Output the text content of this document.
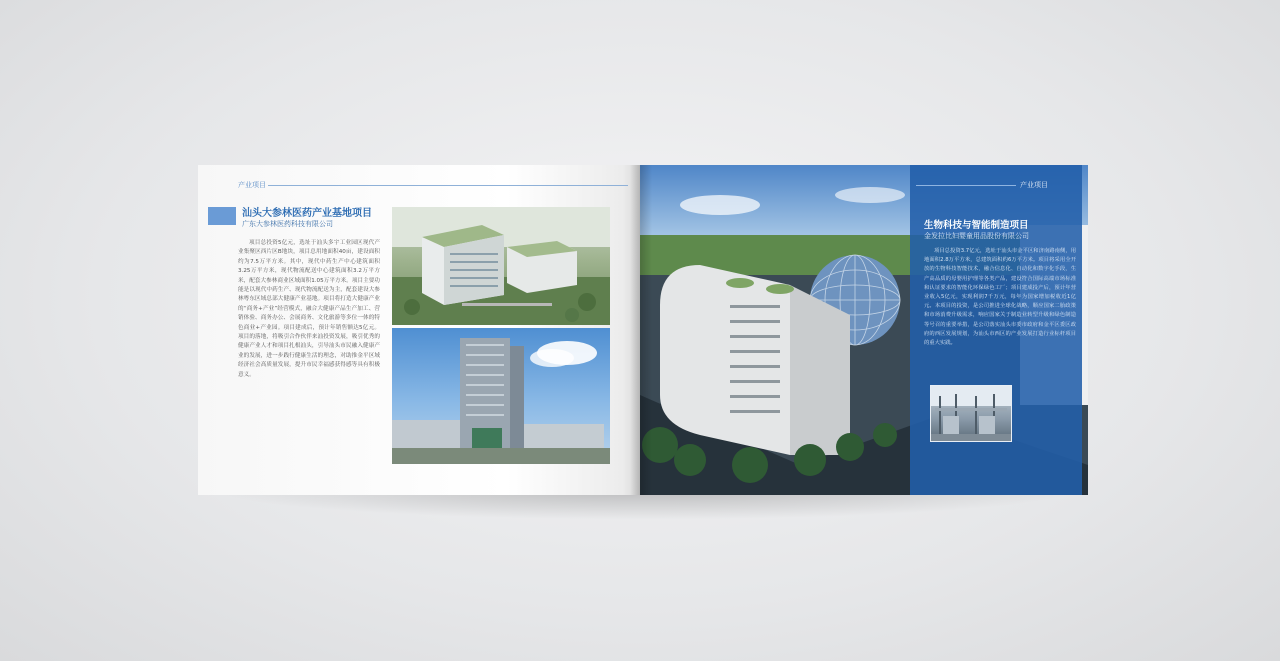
产业项目
汕头大参林医药产业基地项目
广东大参林医药科技有限公司
项目总投资5亿元，选址于汕头多宇工业园区现代产业集聚区西片区B地块，项目总用地面积40亩，建设面积约为7.5万平方米。其中，现代中药生产中心建筑面积3.25万平方米，现代物流配送中心建筑面积3.2万平方米，配套大参林商业区域面积1.05万平方米。项目主要功能是以现代中药生产、现代物流配送为主，配套建设大参林粤东区域总部大健康产业基地。项目将打造大健康产业的“商务+产业”经营模式，融合大健康产品生产加工、营销体验、商务办公、会展商务、文化旅游等多位一体的特色商业+产业园。项目建成后，预计年销售额达5亿元。项目的落地，将吸引合作伙伴来汕投资发展，吸引优秀的健康产业人才和项目扎根汕头，引导汕头市民融入健康产业的发展，进一步践行健康生活的理念，对助推金平区域经济社会高质量发展，提升市民幸福感获得感等具有积极意义。
产业项目
生物科技与智能制造项目
金发拉比妇婴童用品股份有限公司
项目总投资3.7亿元，选址于汕头市金平区和济南路南侧，用地面积2.8万平方米，总建筑面积约6万平方米。项目将采用全开放的生物科技智能技术，融合信息化、自动化和数字化手段，生产高品质的母婴用护理等各类产品，建设符合国际高端市场标准和认证要求的智能化环保绿色工厂；项目建成投产后，预计年营业收入5亿元，实现利润7千万元，每年为国家增加税收近1亿元。本项目的投资，是公司推进全球化战略，顺应国家二胎政策和市场消费升级需求，响应国家关于制造业转型升级和绿色制造等号召的重要举措，是公司落实汕头市委市政府和金平区委区政府的西区发展规划，为汕头市西区的产业发展打造行业标杆项目的重大实践。
